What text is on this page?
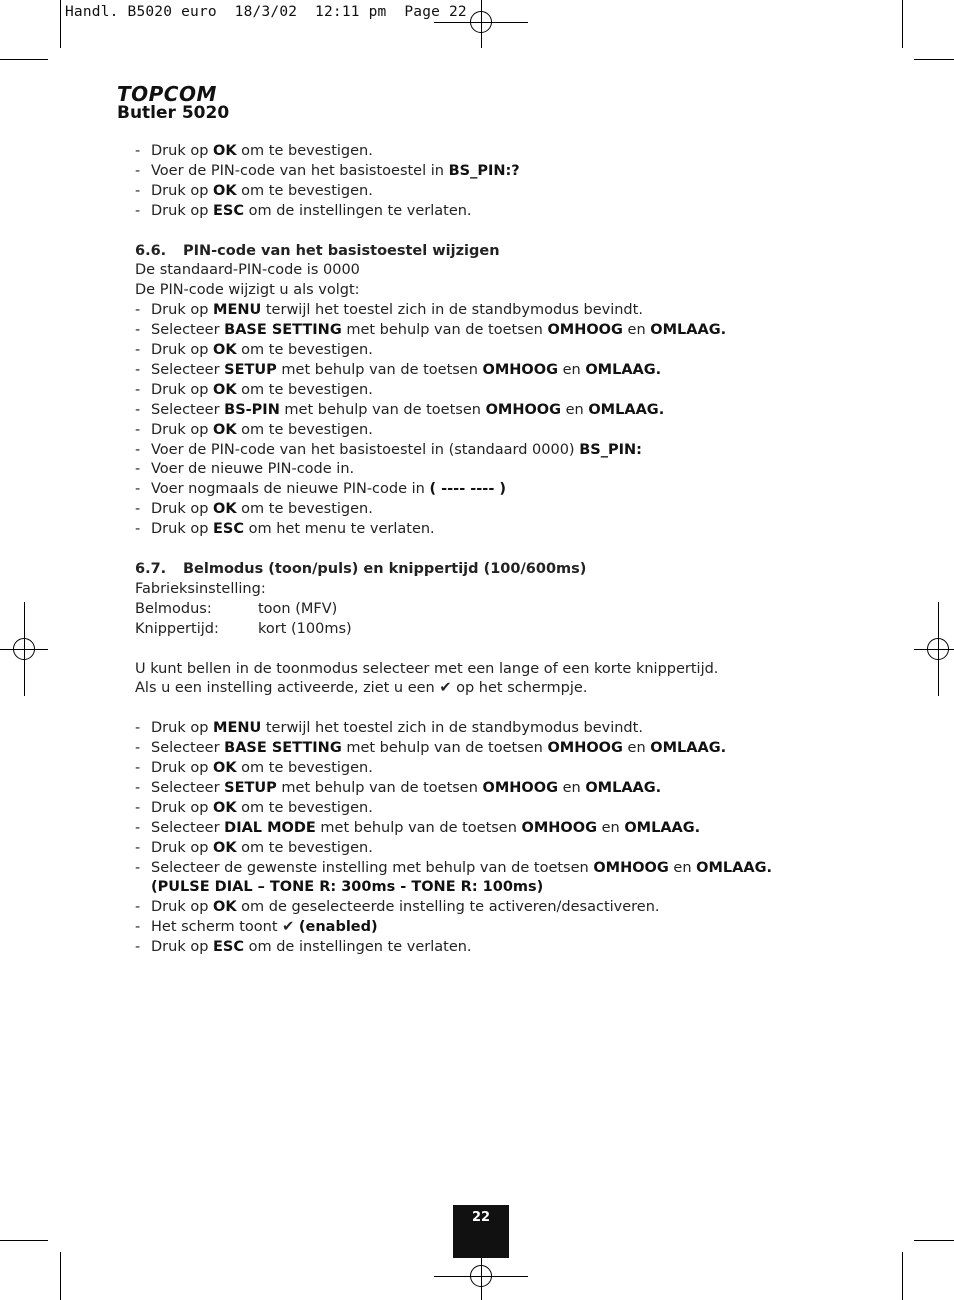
Handl. B5020 euro  18/3/02  12:11 pm  Page 22
TOPCOM
Butler 5020
- Druk op OK om te bevestigen.
- Voer de PIN-code van het basistoestel in BS_PIN:?
- Druk op OK om te bevestigen.
- Druk op ESC om de instellingen te verlaten.
6.6. PIN-code van het basistoestel wijzigen
De standaard-PIN-code is 0000
De PIN-code wijzigt u als volgt:
- Druk op MENU terwijl het toestel zich in de standbymodus bevindt.
- Selecteer BASE SETTING met behulp van de toetsen OMHOOG en OMLAAG.
- Druk op OK om te bevestigen.
- Selecteer SETUP met behulp van de toetsen OMHOOG en OMLAAG.
- Druk op OK om te bevestigen.
- Selecteer BS-PIN met behulp van de toetsen OMHOOG en OMLAAG.
- Druk op OK om te bevestigen.
- Voer de PIN-code van het basistoestel in (standaard 0000) BS_PIN:
- Voer de nieuwe PIN-code in.
- Voer nogmaals de nieuwe PIN-code in ( ---- ---- )
- Druk op OK om te bevestigen.
- Druk op ESC om het menu te verlaten.
6.7. Belmodus (toon/puls) en knippertijd (100/600ms)
Fabrieksinstelling:
Belmodus:	toon (MFV)
Knippertijd:	kort (100ms)
U kunt bellen in de toonmodus selecteer met een lange of een korte knippertijd.
Als u een instelling activeerde, ziet u een ✔ op het schermpje.
- Druk op MENU terwijl het toestel zich in de standbymodus bevindt.
- Selecteer BASE SETTING met behulp van de toetsen OMHOOG en OMLAAG.
- Druk op OK om te bevestigen.
- Selecteer SETUP met behulp van de toetsen OMHOOG en OMLAAG.
- Druk op OK om te bevestigen.
- Selecteer DIAL MODE met behulp van de toetsen OMHOOG en OMLAAG.
- Druk op OK om te bevestigen.
- Selecteer de gewenste instelling met behulp van de toetsen OMHOOG en OMLAAG.
(PULSE DIAL – TONE R: 300ms - TONE R: 100ms)
- Druk op OK om de geselecteerde instelling te activeren/desactiveren.
- Het scherm toont ✔ (enabled)
- Druk op ESC om de instellingen te verlaten.
22
